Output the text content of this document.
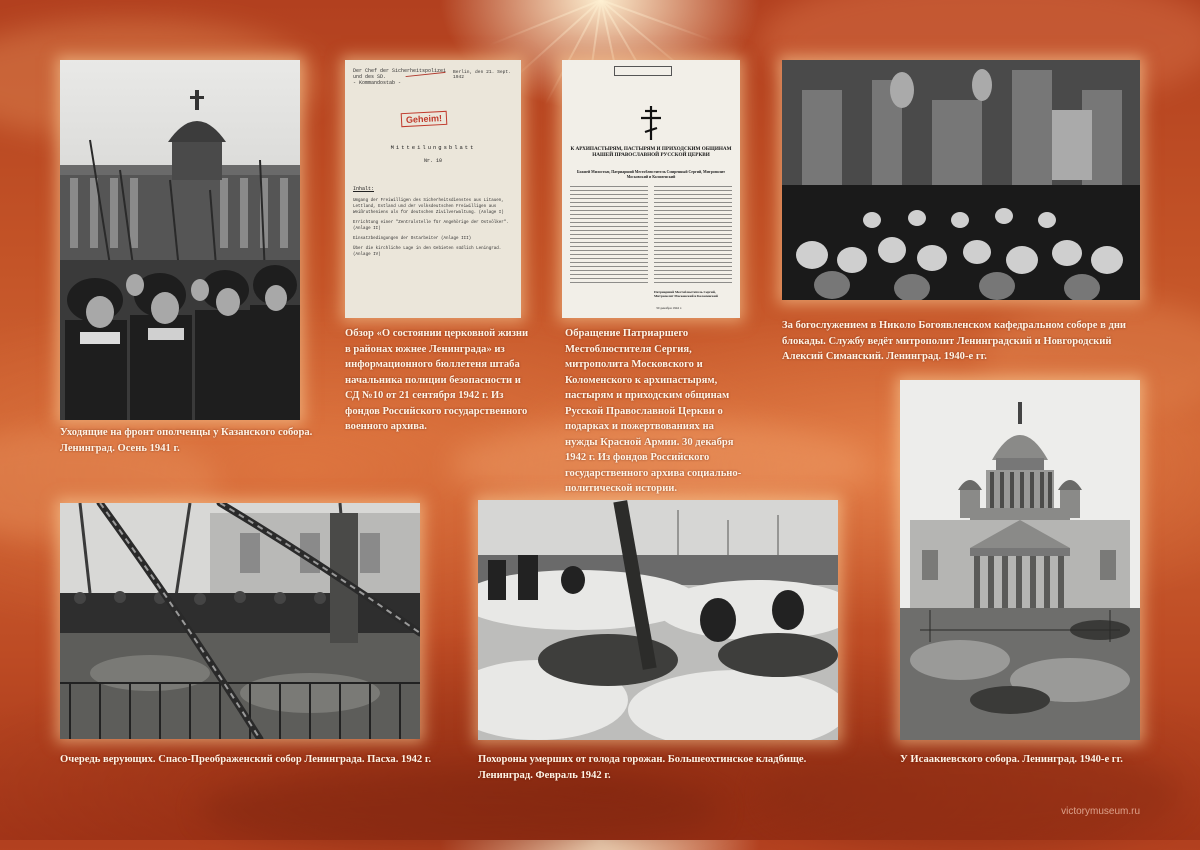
Уходящие на фронт ополченцы у Казанского собора. Ленинград. Осень 1941 г.
Der Chef der Sicherheitspolizei
und des SD.
- Kommandostab -
Berlin, den 21. Sept. 1942
Geheim!
Mitteilungsblatt
Nr. 10
Inhalt:
Umgang der Freiwilligen des Sicherheitsdienstes aus Litauen, Lettland, Estland und der volksdeutschen Freiwilligen aus Weißrutheniens als für deutschen Zivilverwaltung. (Anlage I)
Errichtung einer "Zentralstelle für Angehörige der Ostvölker". (Anlage II)
Einsatzbedingungen der Ostarbeiter (Anlage III)
Über die kirchliche Lage in den Gebieten südlich Leningrad. (Anlage IV)
Обзор «О состоянии церковной жизни в районах южнее Ленинграда» из информационного бюллетеня штаба начальника полиции безопасности и СД №10 от 21 сентября 1942 г. Из фондов Российского государственного военного архива.
К АРХИПАСТЫРЯМ, ПАСТЫРЯМ И ПРИХОДСКИМ ОБЩИНАМ НАШЕЙ ПРАВОСЛАВНОЙ РУССКОЙ ЦЕРКВИ
Божией Милостью, Патриарший Местоблюститель Смиренный Сергий, Митрополит Московский и Коломенский
Патриарший Местоблюститель Сергий, Митрополит Московский и Коломенский
30 декабря 1942 г.
Обращение Патриаршего Местоблюстителя Сергия, митрополита Московского и Коломенского к архипастырям, пастырям и приходским общинам Русской Православной Церкви о подарках и пожертвованиях на нужды Красной Армии. 30 декабря 1942 г. Из фондов Российского государственного архива социально-политической истории.
За богослужением в Николо Богоявленском кафедральном соборе в дни блокады. Службу ведёт митрополит Ленинградский и Новгородский Алексий Симанский. Ленинград. 1940-е гг.
Очередь верующих. Спасо-Преображенский собор Ленинграда. Пасха. 1942 г.	Похороны умерших от голода горожан. Большеохтинское кладбище. Ленинград. Февраль 1942 г.
У Исаакиевского собора. Ленинград. 1940-е гг.
victorymuseum.ru
